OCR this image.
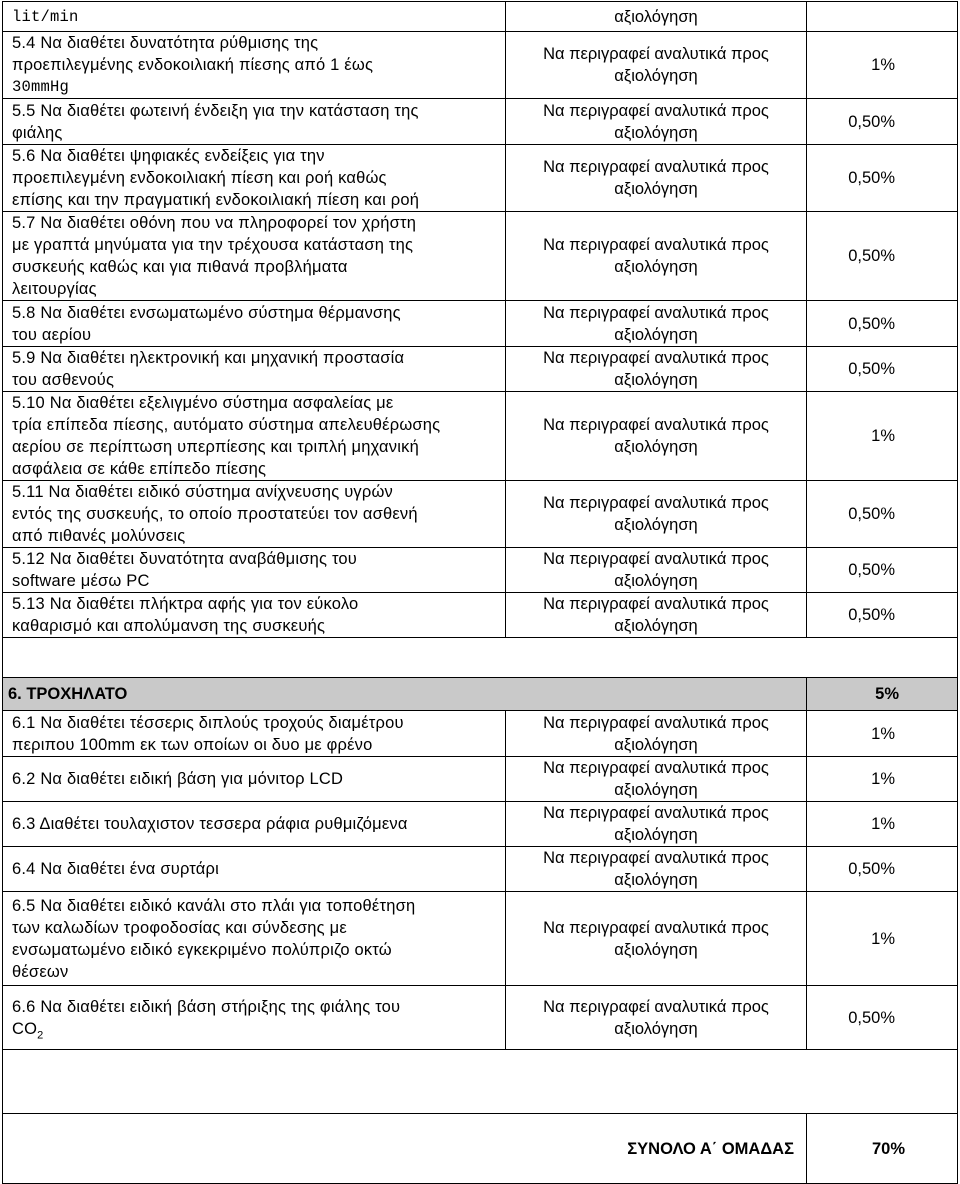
lit/min	αξιολόγηση	

5.4 Να διαθέτει δυνατότητα ρύθμισης της
προεπιλεγμένης ενδοκοιλιακή πίεσης από 1 έως
30mmHg	Να περιγραφεί αναλυτικά προς
αξιολόγηση	1%

5.5 Να διαθέτει φωτεινή ένδειξη για την κατάσταση της
φιάλης	Να περιγραφεί αναλυτικά προς
αξιολόγηση	0,50%

5.6 Να διαθέτει ψηφιακές ενδείξεις για την
προεπιλεγμένη ενδοκοιλιακή πίεση και ροή καθώς
επίσης και την πραγματική ενδοκοιλιακή πίεση και ροή	Να περιγραφεί αναλυτικά προς
αξιολόγηση	0,50%

5.7 Να διαθέτει οθόνη που να πληροφορεί τον χρήστη
με γραπτά μηνύματα για την τρέχουσα κατάσταση της
συσκευής καθώς και για πιθανά προβλήματα
λειτουργίας	Να περιγραφεί αναλυτικά προς
αξιολόγηση	0,50%

5.8 Να διαθέτει ενσωματωμένο σύστημα θέρμανσης
του αερίου	Να περιγραφεί αναλυτικά προς
αξιολόγηση	0,50%

5.9 Να διαθέτει ηλεκτρονική και μηχανική προστασία
του ασθενούς	Να περιγραφεί αναλυτικά προς
αξιολόγηση	0,50%

5.10 Να διαθέτει εξελιγμένο σύστημα ασφαλείας με
τρία επίπεδα πίεσης, αυτόματο σύστημα απελευθέρωσης
αερίου σε περίπτωση υπερπίεσης και τριπλή μηχανική
ασφάλεια σε κάθε επίπεδο πίεσης	Να περιγραφεί αναλυτικά προς
αξιολόγηση	1%

5.11 Να διαθέτει ειδικό σύστημα ανίχνευσης υγρών
εντός της συσκευής, το οποίο προστατεύει τον ασθενή
από πιθανές μολύνσεις	Να περιγραφεί αναλυτικά προς
αξιολόγηση	0,50%

5.12 Να διαθέτει δυνατότητα αναβάθμισης του
software μέσω PC	Να περιγραφεί αναλυτικά προς
αξιολόγηση	0,50%

5.13 Να διαθέτει πλήκτρα αφής για τον εύκολο
καθαρισμό και απολύμανση της συσκευής	Να περιγραφεί αναλυτικά προς
αξιολόγηση	0,50%

6. ΤΡΟΧΗΛΑΤΟ		5%

6.1 Να διαθέτει τέσσερις διπλούς τροχούς διαμέτρου
περιπου 100mm εκ των οποίων οι δυο με φρένο	Να περιγραφεί αναλυτικά προς
αξιολόγηση	1%

6.2 Να διαθέτει ειδική βάση για μόνιτορ LCD	Να περιγραφεί αναλυτικά προς
αξιολόγηση	1%

6.3 Διαθέτει τουλαχιστον τεσσερα ράφια ρυθμιζόμενα	Να περιγραφεί αναλυτικά προς
αξιολόγηση	1%

6.4 Να διαθέτει ένα συρτάρι	Να περιγραφεί αναλυτικά προς
αξιολόγηση	0,50%

6.5 Να διαθέτει ειδικό κανάλι στο πλάι για τοποθέτηση
των καλωδίων τροφοδοσίας και σύνδεσης με
ενσωματωμένο ειδικό εγκεκριμένο πολύπριζο οκτώ
θέσεων	Να περιγραφεί αναλυτικά προς
αξιολόγηση	1%

6.6 Να διαθέτει ειδική βάση στήριξης της φιάλης του
$CO_2$	Να περιγραφεί αναλυτικά προς
αξιολόγηση	0,50%

ΣΥΝΟΛΟ Α΄ ΟΜΑΔΑΣ		70%
